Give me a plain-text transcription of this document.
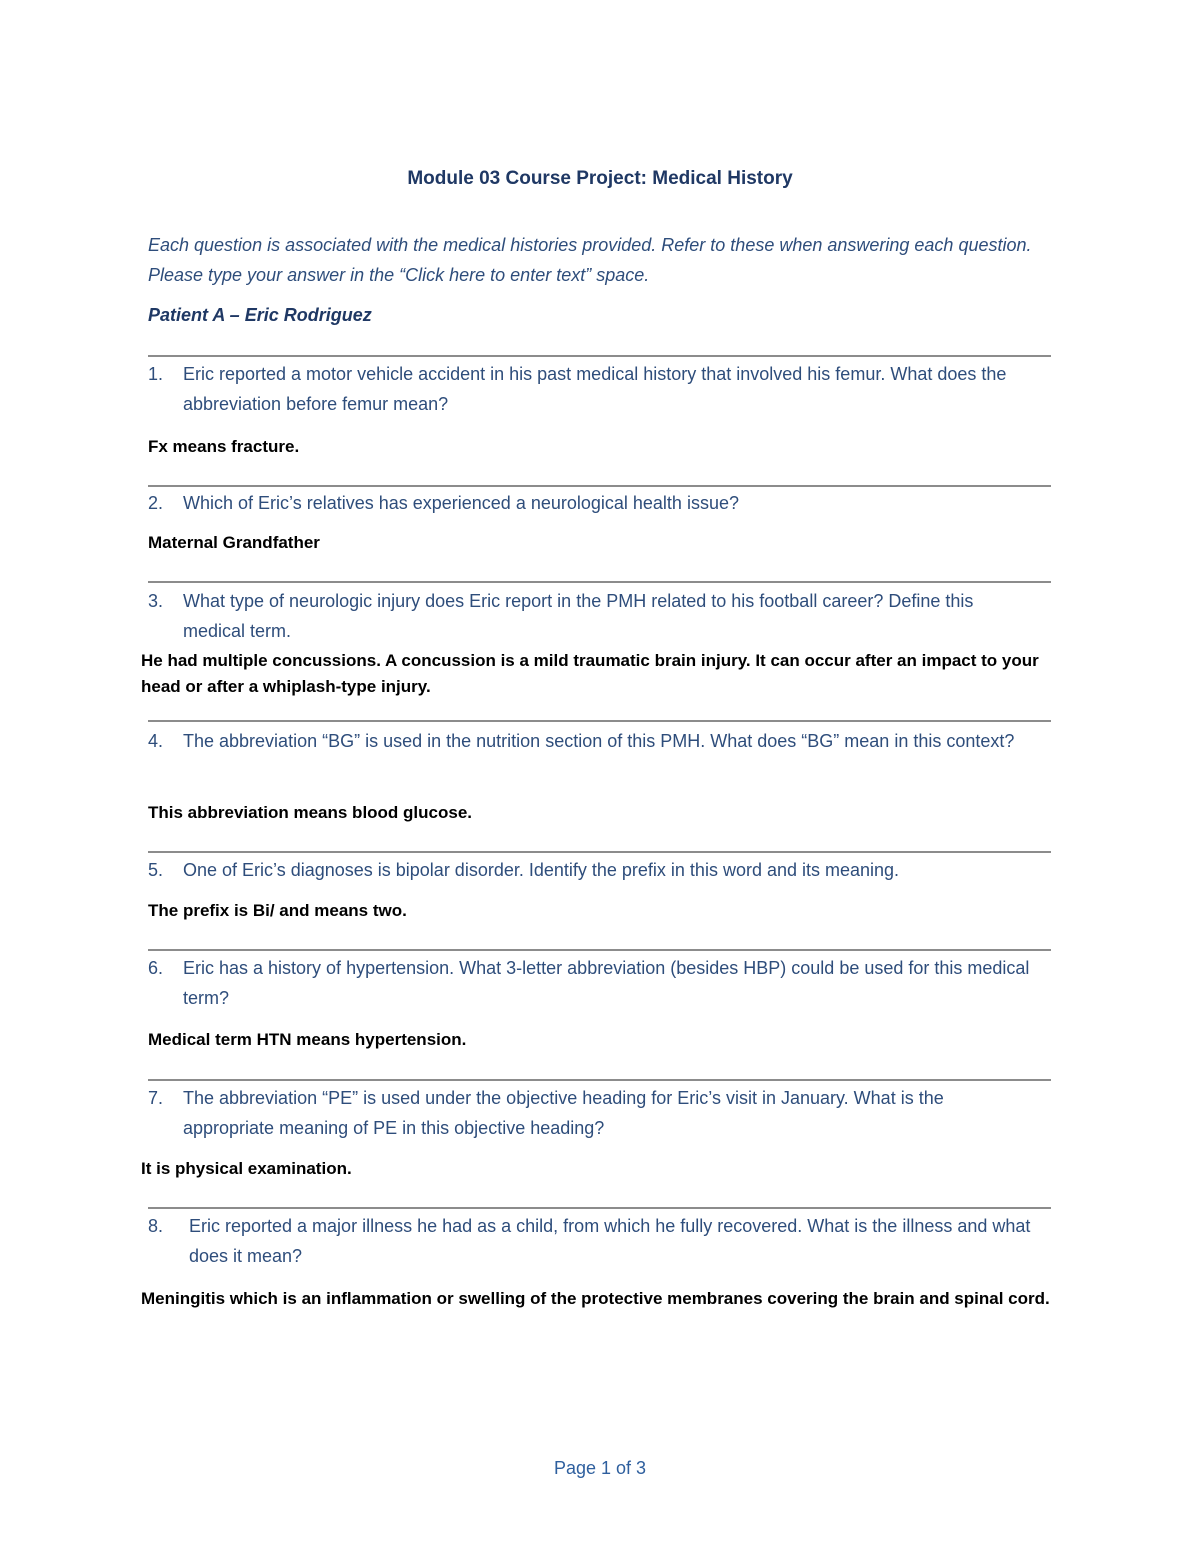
Module 03 Course Project: Medical History
Each question is associated with the medical histories provided. Refer to these when answering each question. Please type your answer in the “Click here to enter text” space.
Patient A – Eric Rodriguez
1.	Eric reported a motor vehicle accident in his past medical history that involved his femur. What does the abbreviation before femur mean?
Fx means fracture.
2.	Which of Eric’s relatives has experienced a neurological health issue?
Maternal Grandfather
3.	What type of neurologic injury does Eric report in the PMH related to his football career? Define this medical term.
He had multiple concussions. A concussion is a mild traumatic brain injury. It can occur after an impact to your head or after a whiplash-type injury.
4.	The abbreviation “BG” is used in the nutrition section of this PMH. What does “BG” mean in this context?
This abbreviation means blood glucose.
5.	One of Eric’s diagnoses is bipolar disorder. Identify the prefix in this word and its meaning.
The prefix is Bi/ and means two.
6.	Eric has a history of hypertension. What 3-letter abbreviation (besides HBP) could be used for this medical term?
Medical term HTN means hypertension.
7.	The abbreviation “PE” is used under the objective heading for Eric’s visit in January. What is the appropriate meaning of PE in this objective heading?
It is physical examination.
8.	Eric reported a major illness he had as a child, from which he fully recovered. What is the illness and what does it mean?
Meningitis which is an inflammation or swelling of the protective membranes covering the brain and spinal cord.
Page 1 of 3
